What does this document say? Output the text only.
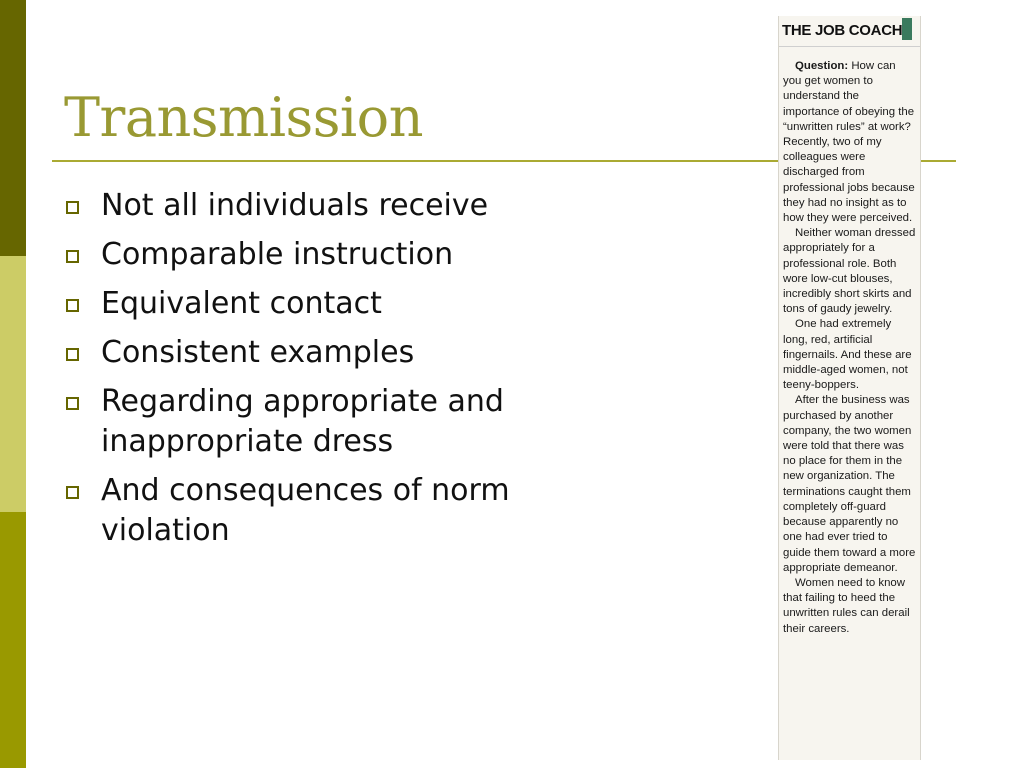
Transmission
Not all individuals receive
Comparable instruction
Equivalent contact
Consistent examples
Regarding appropriate and inappropriate dress
And consequences of norm violation
THE JOB COACH

Question: How can you get women to understand the importance of obeying the “unwritten rules” at work? Recently, two of my colleagues were discharged from professional jobs because they had no insight as to how they were perceived.

Neither woman dressed appropriately for a professional role. Both wore low-cut blouses, incredibly short skirts and tons of gaudy jewelry.

One had extremely long, red, artificial fingernails. And these are middle-aged women, not teeny-boppers.

After the business was purchased by another company, the two women were told that there was no place for them in the new organization. The terminations caught them completely off-guard because apparently no one had ever tried to guide them toward a more appropriate demeanor.

Women need to know that failing to heed the unwritten rules can derail their careers.
